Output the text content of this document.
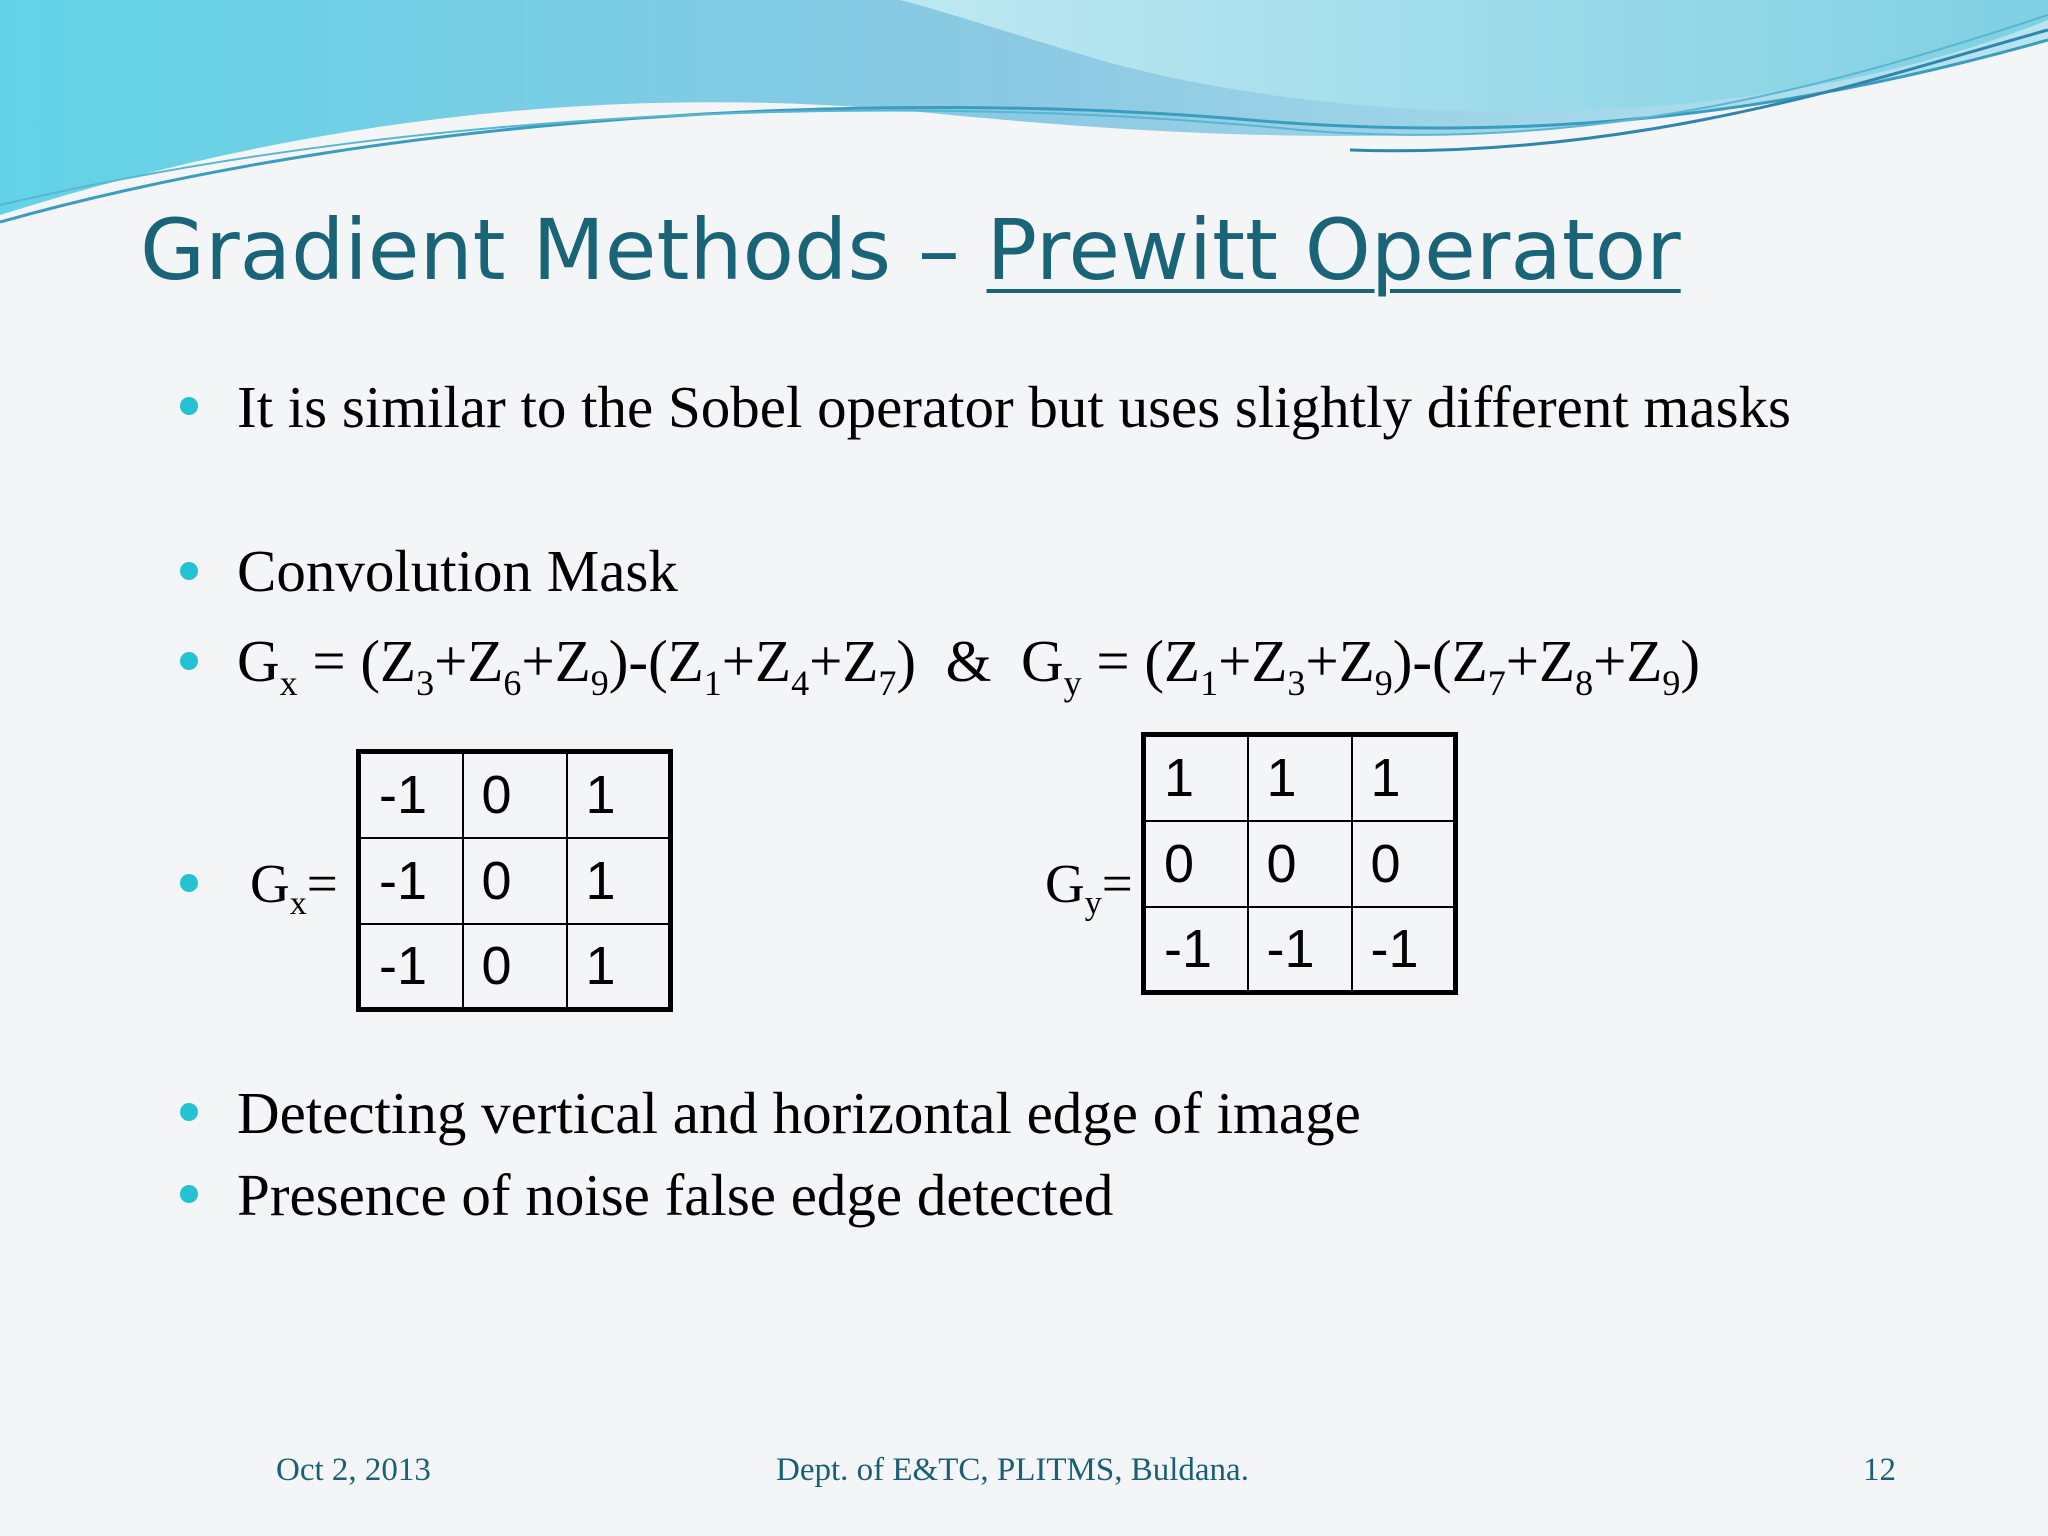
Gradient Methods – Prewitt Operator
It is similar to the Sobel operator but uses slightly different masks
Convolution Mask
$G_x = (Z_3+Z_6+Z_9)-(Z_1+Z_4+Z_7)$ & $G_y = (Z_1+Z_3+Z_9)-(Z_7+Z_8+Z_9)$
$G_x=$
-1	0	1
-1	0	1
-1	0	1
$G_y=$
1	1	1
0	0	0
-1	-1	-1
Detecting vertical and horizontal edge of image
Presence of noise false edge detected
Oct 2, 2013	Dept. of E&TC, PLITMS, Buldana.	12
